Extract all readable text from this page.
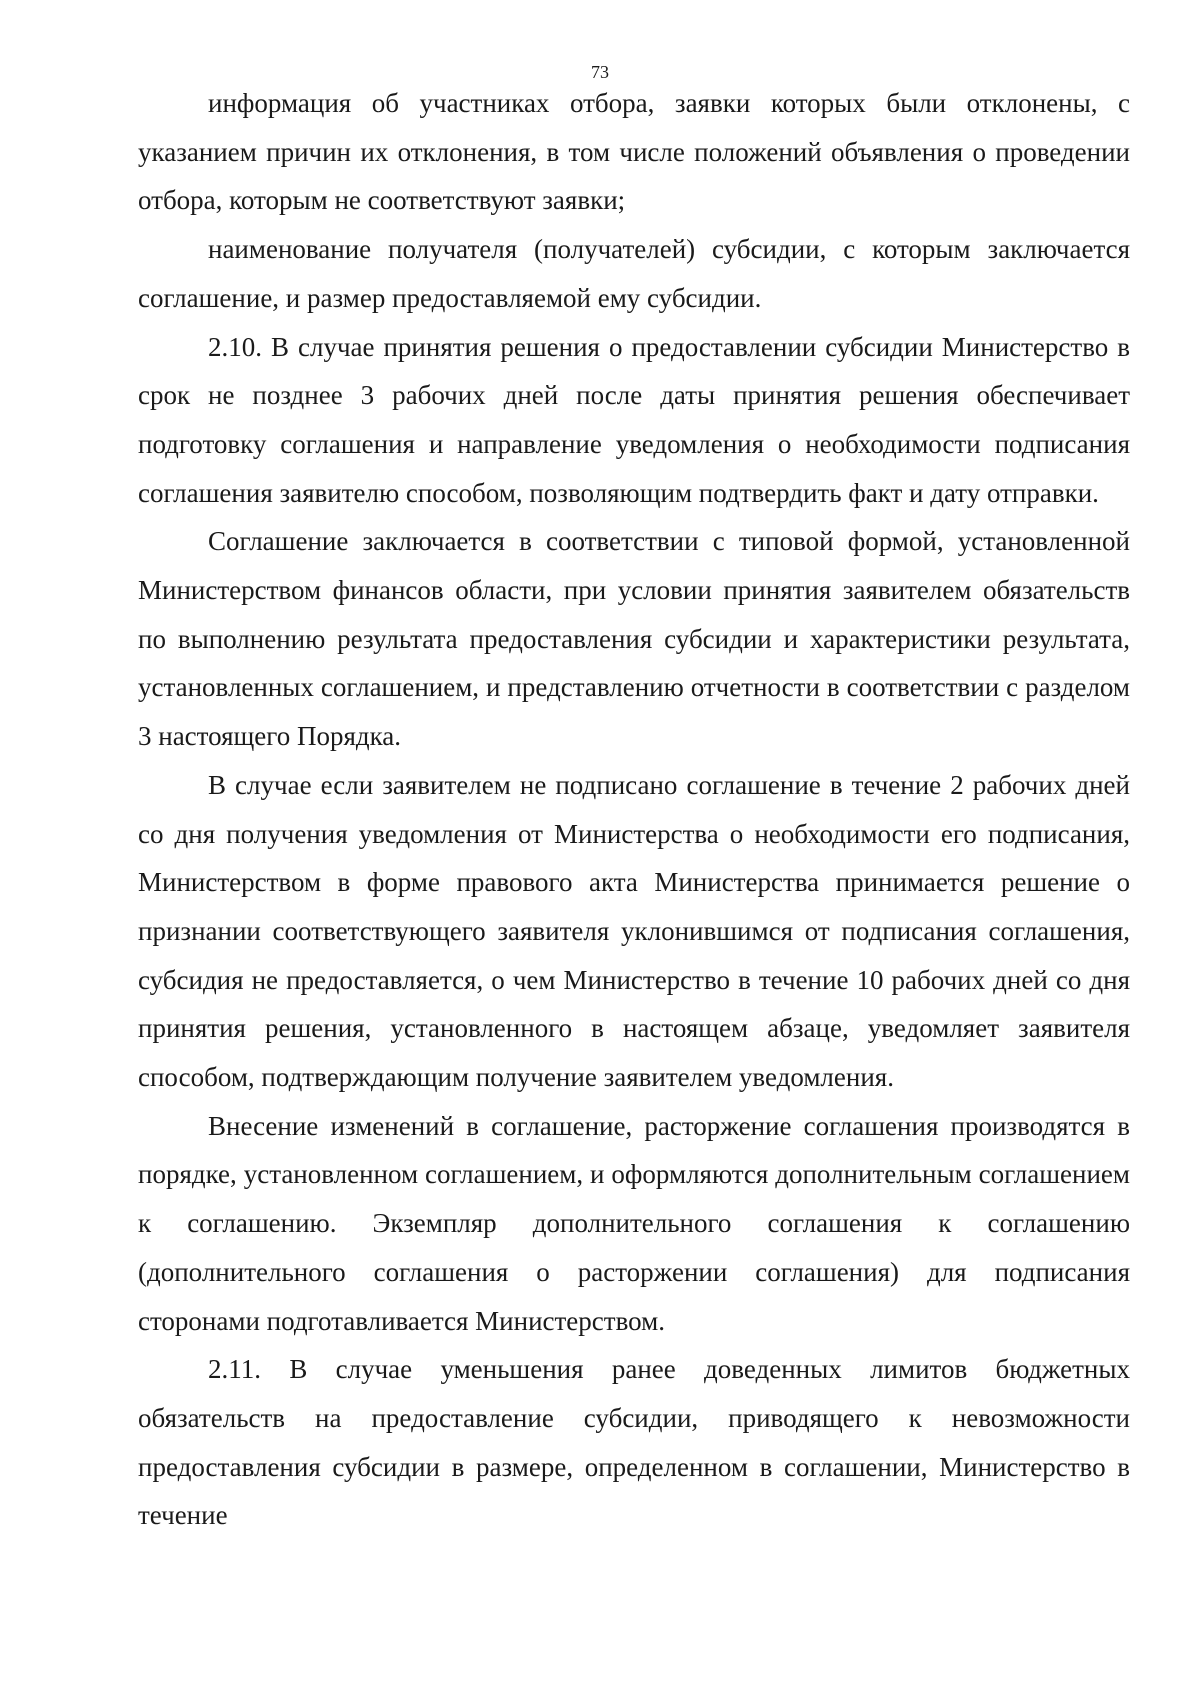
73

информация об участниках отбора, заявки которых были отклонены, с указанием причин их отклонения, в том числе положений объявления о проведении отбора, которым не соответствуют заявки;

наименование получателя (получателей) субсидии, с которым заключается соглашение, и размер предоставляемой ему субсидии.

2.10. В случае принятия решения о предоставлении субсидии Министерство в срок не позднее 3 рабочих дней после даты принятия решения обеспечивает подготовку соглашения и направление уведомления о необходимости подписания соглашения заявителю способом, позволяющим подтвердить факт и дату отправки.

Соглашение заключается в соответствии с типовой формой, установленной Министерством финансов области, при условии принятия заявителем обязательств по выполнению результата предоставления субсидии и характеристики результата, установленных соглашением, и представлению отчетности в соответствии с разделом 3 настоящего Порядка.

В случае если заявителем не подписано соглашение в течение 2 рабочих дней со дня получения уведомления от Министерства о необходимости его подписания, Министерством в форме правового акта Министерства принимается решение о признании соответствующего заявителя уклонившимся от подписания соглашения, субсидия не предоставляется, о чем Министерство в течение 10 рабочих дней со дня принятия решения, установленного в настоящем абзаце, уведомляет заявителя способом, подтверждающим получение заявителем уведомления.

Внесение изменений в соглашение, расторжение соглашения производятся в порядке, установленном соглашением, и оформляются дополнительным соглашением к соглашению. Экземпляр дополнительного соглашения к соглашению (дополнительного соглашения о расторжении соглашения) для подписания сторонами подготавливается Министерством.

2.11. В случае уменьшения ранее доведенных лимитов бюджетных обязательств на предоставление субсидии, приводящего к невозможности предоставления субсидии в размере, определенном в соглашении, Министерство в течение
